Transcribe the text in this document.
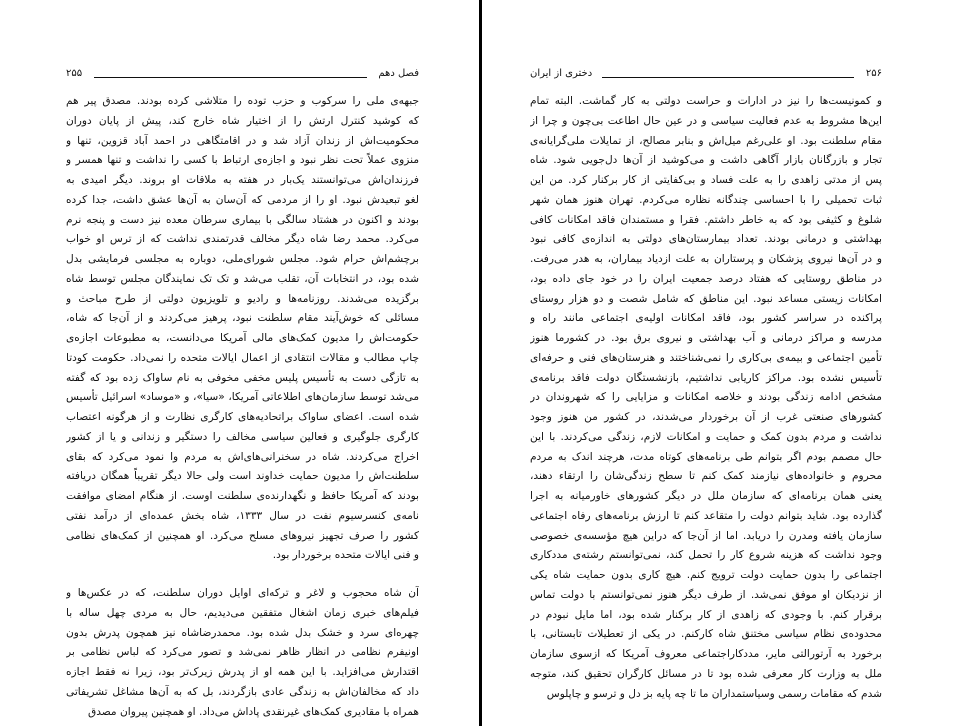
۲۵۵	فصل دهم
جبهه‌ی ملی را سرکوب و حزب توده را متلاشی کرده بودند. مصدق پیر هم
که کوشید کنترل ارتش را از اختیار شاه خارج کند، پیش از پایان دوران
محکومیت‌اش از زندان آزاد شد و در اقامتگاهی در احمد آباد قزوین، تنها و
منزوی عملاً تحت نظر نبود و اجازه‌ی ارتباط با کسی را نداشت و تنها همسر و
فرزندان‌اش می‌توانستند یک‌بار در هفته به ملاقات او بروند. دیگر امیدی به
لغو تبعیدش نبود. او را از مردمی که آن‌سان به آن‌ها عشق داشت، جدا کرده
بودند و اکنون در هشتاد سالگی با بیماری سرطان معده نیز دست و پنجه نرم
می‌کرد. محمد رضا شاه دیگر مخالف قدرتمندی نداشت که از ترس او خواب
برچشم‌اش حرام شود. مجلس شورای‌ملی، دوباره به مجلسی فرمایشی بدل
شده بود، در انتخابات آن، تقلب می‌شد و تک تک نمایندگان مجلس توسط شاه
برگزیده می‌شدند. روزنامه‌ها و رادیو و تلویزیون دولتی از طرح مباحث و
مسائلی که خوش‌آیند مقام سلطنت نبود، پرهیز می‌کردند و از آن‌جا که شاه،
حکومت‌اش را مدیون کمک‌های مالی آمریکا می‌دانست، به مطبوعات اجازه‌ی
چاپ مطالب و مقالات انتقادی از اعمال ایالات متحده را نمی‌داد. حکومت کودتا
به تازگی دست به تأسیس پلیس مخفی مخوفی به نام ساواک زده بود که گفته
می‌شد توسط سازمان‌های اطلاعاتی آمریکا، «سیا»، و «موساد» اسرائیل تأسیس
شده است. اعضای ساواک براتحادیه‌های کارگری نظارت و از هرگونه اعتصاب
کارگری جلوگیری و فعالین سیاسی مخالف را دستگیر و زندانی و یا از کشور
اخراج می‌کردند. شاه در سخنرانی‌های‌اش به مردم وا نمود می‌کرد که بقای
سلطنت‌اش را مدیون حمایت خداوند است ولی حالا دیگر تقریباً همگان دریافته
بودند که آمریکا حافظ و نگهدارنده‌ی سلطنت اوست. از هنگام امضای موافقت
نامه‌ی کنسرسیوم نفت در سال ۱۳۳۳، شاه بخش عمده‌ای از درآمد نفتی
کشور را صرف تجهیز نیروهای مسلح می‌کرد. او همچنین از کمک‌های نظامی
و فنی ایالات متحده برخوردار بود.
آن شاه محجوب و لاغر و ترکه‌ای اوایل دوران سلطنت، که در عکس‌ها و
فیلم‌های خبری زمان اشغال متفقین می‌دیدیم، حال به مردی چهل ساله با
چهره‌ای سرد و خشک بدل شده بود. محمدرضاشاه نیز همچون پدرش بدون
اونیفرم نظامی در انظار ظاهر نمی‌شد و تصور می‌کرد که لباس نظامی بر
اقتدارش می‌افزاید. با این همه او از پدرش زیرک‌تر بود، زیرا نه فقط اجازه
داد که مخالفان‌اش به زندگی عادی بازگردند، بل که به آن‌ها مشاغل تشریفاتی
همراه با مقادیری کمک‌های غیرنقدی پاداش می‌داد. او همچنین پیروان مصدق
دختری از ایران	۲۵۶
و کمونیست‌ها را نیز در ادارات و حراست دولتی به کار گماشت. البته تمام
این‌ها مشروط به عدم فعالیت سیاسی و در عین حال اطاعت بی‌چون و چرا از
مقام سلطنت بود. او علی‌رغم میل‌اش و بنابر مصالح، از تمایلات ملی‌گرایانه‌ی
تجار و بازرگانان بازار آگاهی داشت و می‌کوشید از آن‌ها دل‌جویی شود. شاه
پس از مدتی زاهدی را به علت فساد و بی‌کفایتی از کار برکنار کرد. من این
ثبات تحمیلی را با احساسی چندگانه نظاره می‌کردم. تهران هنوز همان شهر
شلوغ و کثیفی بود که به خاطر داشتم. فقرا و مستمندان فاقد امکانات کافی
بهداشتی و درمانی بودند. تعداد بیمارستان‌های دولتی به اندازه‌ی کافی نبود
و در آن‌ها نیروی پزشکان و پرستاران به علت ازدیاد بیماران، به هدر می‌رفت.
در مناطق روستایی که هفتاد درصد جمعیت ایران را در خود جای داده بود،
امکانات زیستی مساعد نبود. این مناطق که شامل شصت و دو هزار روستای
پراکنده در سراسر کشور بود، فاقد امکانات اولیه‌ی اجتماعی مانند راه و
مدرسه و مراکز درمانی و آب بهداشتی و نیروی برق بود. در کشورما هنوز
تأمین اجتماعی و بیمه‌ی بی‌کاری را نمی‌شناختند و هنرستان‌های فنی و حرفه‌ای
تأسیس نشده بود. مراکز کاریابی نداشتیم، بازنشستگان دولت فاقد برنامه‌ی
مشخص ادامه زندگی بودند و خلاصه امکانات و مزایایی را که شهروندان در
کشورهای صنعتی غرب از آن برخوردار می‌شدند، در کشور من هنوز وجود
نداشت و مردم بدون کمک و حمایت و امکانات لازم، زندگی می‌کردند. با این
حال مصمم بودم اگر بتوانم طی برنامه‌های کوتاه مدت، هرچند اندک به مردم
محروم و خانواده‌های نیازمند کمک کنم تا سطح زندگی‌شان را ارتقاء دهند،
یعنی همان برنامه‌ای که سازمان ملل در دیگر کشورهای خاورمیانه به اجرا
گذارده بود. شاید بتوانم دولت را متقاعد کنم تا ارزش برنامه‌های رفاه اجتماعی
سازمان یافته ومدرن را دریابد. اما از آن‌جا که دراین هیچ مؤسسه‌ی خصوصی
وجود نداشت که هزینه شروع کار را تحمل کند، نمی‌توانستم رشته‌ی مددکاری
اجتماعی را بدون حمایت دولت ترویج کنم. هیچ کاری بدون حمایت شاه یکی
از نزدیکان او موفق نمی‌شد. از طرف دیگر هنوز نمی‌توانستم با دولت تماس
برقرار کنم. با وجودی که زاهدی از کار برکنار شده بود، اما مایل نبودم در
محدوده‌ی نظام سیاسی مختنق شاه کارکنم. در یکی از تعطیلات تابستانی، با
برخورد به آرتورالتی مایر، مددکاراجتماعی معروف آمریکا که ازسوی سازمان
ملل به وزارت کار معرفی شده بود تا در مسائل کارگران تحقیق کند، متوجه
شدم که مقامات رسمی وسیاستمداران ما تا چه پایه بز دل و ترسو و چاپلوس
